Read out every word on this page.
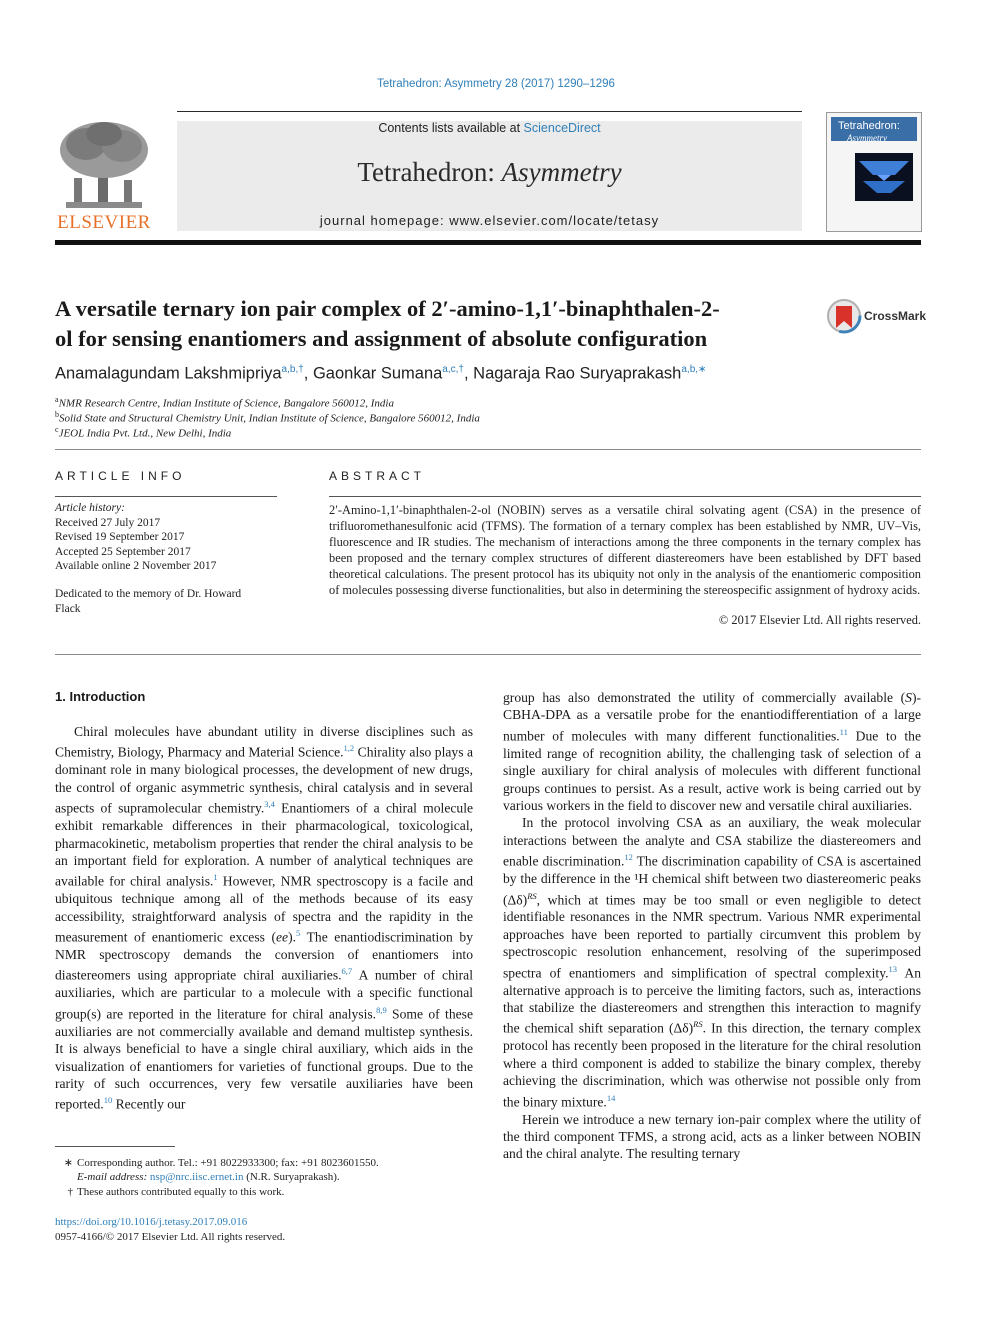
Tetrahedron: Asymmetry 28 (2017) 1290–1296
ELSEVIER
Contents lists available at ScienceDirect
Tetrahedron: Asymmetry
journal homepage: www.elsevier.com/locate/tetasy
Tetrahedron:
Asymmetry
A versatile ternary ion pair complex of 2′-amino-1,1′-binaphthalen-2-
ol for sensing enantiomers and assignment of absolute configuration
CrossMark
Anamalagundam Lakshmipriya$^{a,b,\dagger}$, Gaonkar Sumana$^{a,c,\dagger}$, Nagaraja Rao Suryaprakash$^{a,b,∗}$
$^a$NMR Research Centre, Indian Institute of Science, Bangalore 560012, India
$^b$Solid State and Structural Chemistry Unit, Indian Institute of Science, Bangalore 560012, India
$^c$JEOL India Pvt. Ltd., New Delhi, India
ARTICLE INFO
Article history:
Received 27 July 2017
Revised 19 September 2017
Accepted 25 September 2017
Available online 2 November 2017
Dedicated to the memory of Dr. Howard
Flack
ABSTRACT
2′-Amino-1,1′-binaphthalen-2-ol (NOBIN) serves as a versatile chiral solvating agent (CSA) in the presence of trifluoromethanesulfonic acid (TFMS). The formation of a ternary complex has been established by NMR, UV–Vis, fluorescence and IR studies. The mechanism of interactions among the three components in the ternary complex has been proposed and the ternary complex structures of different diastereomers have been established by DFT based theoretical calculations. The present protocol has its ubiquity not only in the analysis of the enantiomeric composition of molecules possessing diverse functionalities, but also in determining the stereospecific assignment of hydroxy acids.
© 2017 Elsevier Ltd. All rights reserved.
1. Introduction

Chiral molecules have abundant utility in diverse disciplines such as Chemistry, Biology, Pharmacy and Material Science.$^{1,2}$ Chirality also plays a dominant role in many biological processes, the development of new drugs, the control of organic asymmetric synthesis, chiral catalysis and in several aspects of supramolecular chemistry.$^{3,4}$ Enantiomers of a chiral molecule exhibit remarkable differences in their pharmacological, toxicological, pharmacokinetic, metabolism properties that render the chiral analysis to be an important field for exploration. A number of analytical techniques are available for chiral analysis.$^1$ However, NMR spectroscopy is a facile and ubiquitous technique among all of the methods because of its easy accessibility, straightforward analysis of spectra and the rapidity in the measurement of enantiomeric excess (ee).$^5$ The enantiodiscrimination by NMR spectroscopy demands the conversion of enantiomers into diastereomers using appropriate chiral auxiliaries.$^{6,7}$ A number of chiral auxiliaries, which are particular to a molecule with a specific functional group(s) are reported in the literature for chiral analysis.$^{8,9}$ Some of these auxiliaries are not commercially available and demand multistep synthesis. It is always beneficial to have a single chiral auxiliary, which aids in the visualization of enantiomers for varieties of functional groups. Due to the rarity of such occurrences, very few versatile auxiliaries have been reported.$^{10}$ Recently our

group has also demonstrated the utility of commercially available (S)-CBHA-DPA as a versatile probe for the enantiodifferentiation of a large number of molecules with many different functionalities.$^{11}$ Due to the limited range of recognition ability, the challenging task of selection of a single auxiliary for chiral analysis of molecules with different functional groups continues to persist. As a result, active work is being carried out by various workers in the field to discover new and versatile chiral auxiliaries.

In the protocol involving CSA as an auxiliary, the weak molecular interactions between the analyte and CSA stabilize the diastereomers and enable discrimination.$^{12}$ The discrimination capability of CSA is ascertained by the difference in the ¹H chemical shift between two diastereomeric peaks $(\Delta\delta)^{RS}$, which at times may be too small or even negligible to detect identifiable resonances in the NMR spectrum. Various NMR experimental approaches have been reported to partially circumvent this problem by spectroscopic resolution enhancement, resolving of the superimposed spectra of enantiomers and simplification of spectral complexity.$^{13}$ An alternative approach is to perceive the limiting factors, such as, interactions that stabilize the diastereomers and strengthen this interaction to magnify the chemical shift separation $(\Delta\delta)^{RS}$. In this direction, the ternary complex protocol has recently been proposed in the literature for the chiral resolution where a third component is added to stabilize the binary complex, thereby achieving the discrimination, which was otherwise not possible only from the binary mixture.$^{14}$

Herein we introduce a new ternary ion-pair complex where the utility of the third component TFMS, a strong acid, acts as a linker between NOBIN and the chiral analyte. The resulting ternary

∗ Corresponding author. Tel.: +91 8022933300; fax: +91 8023601550.
E-mail address: nsp@nrc.iisc.ernet.in (N.R. Suryaprakash).
† These authors contributed equally to this work.
https://doi.org/10.1016/j.tetasy.2017.09.016
0957-4166/© 2017 Elsevier Ltd. All rights reserved.
